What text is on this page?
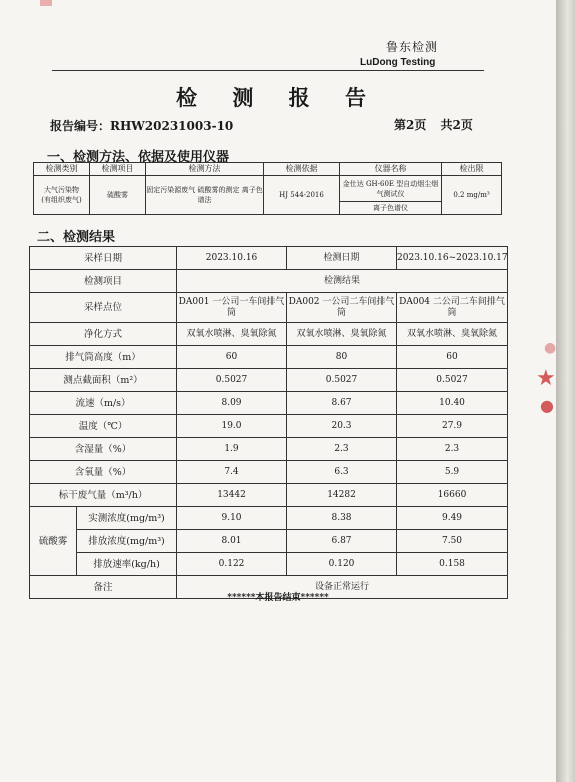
鲁东检测
LuDong Testing
检 测 报 告
报告编号：RHW20231003-10	第2页 共2页
一、检测方法、依据及使用仪器
检测类别	检测项目	检测方法	检测依据	仪器名称	检出限
大气污染物
(有组织废气)	硫酸雾	固定污染源废气 硫酸雾的测定 离子色谱法	HJ 544-2016	金仕达 GH-60E 型自动烟尘烟气测试仪	0.2 mg/m³
				离子色谱仪	
二、检测结果
采样日期		2023.10.16	检测日期	2023.10.16~2023.10.17
检测项目		检测结果		
采样点位		DA001 一公司一车间排气筒	DA002 一公司二车间排气筒	DA004 二公司二车间排气筒
净化方式		双氧水喷淋、臭氧除氮	双氧水喷淋、臭氧除氮	双氧水喷淋、臭氧除氮
排气筒高度（m）		60	80	60
测点截面积（m²）		0.5027	0.5027	0.5027
流速（m/s）		8.09	8.67	10.40
温度（℃）		19.0	20.3	27.9
含湿量（%）		1.9	2.3	2.3
含氧量（%）		7.4	6.3	5.9
标干废气量（m³/h）		13442	14282	16660
硫酸雾	实测浓度(mg/m³)	9.10	8.38	9.49
	排放浓度(mg/m³)	8.01	6.87	7.50
	排放速率(kg/h)	0.122	0.120	0.158
备注		设备正常运行		
******本报告结束******
●
★
●
